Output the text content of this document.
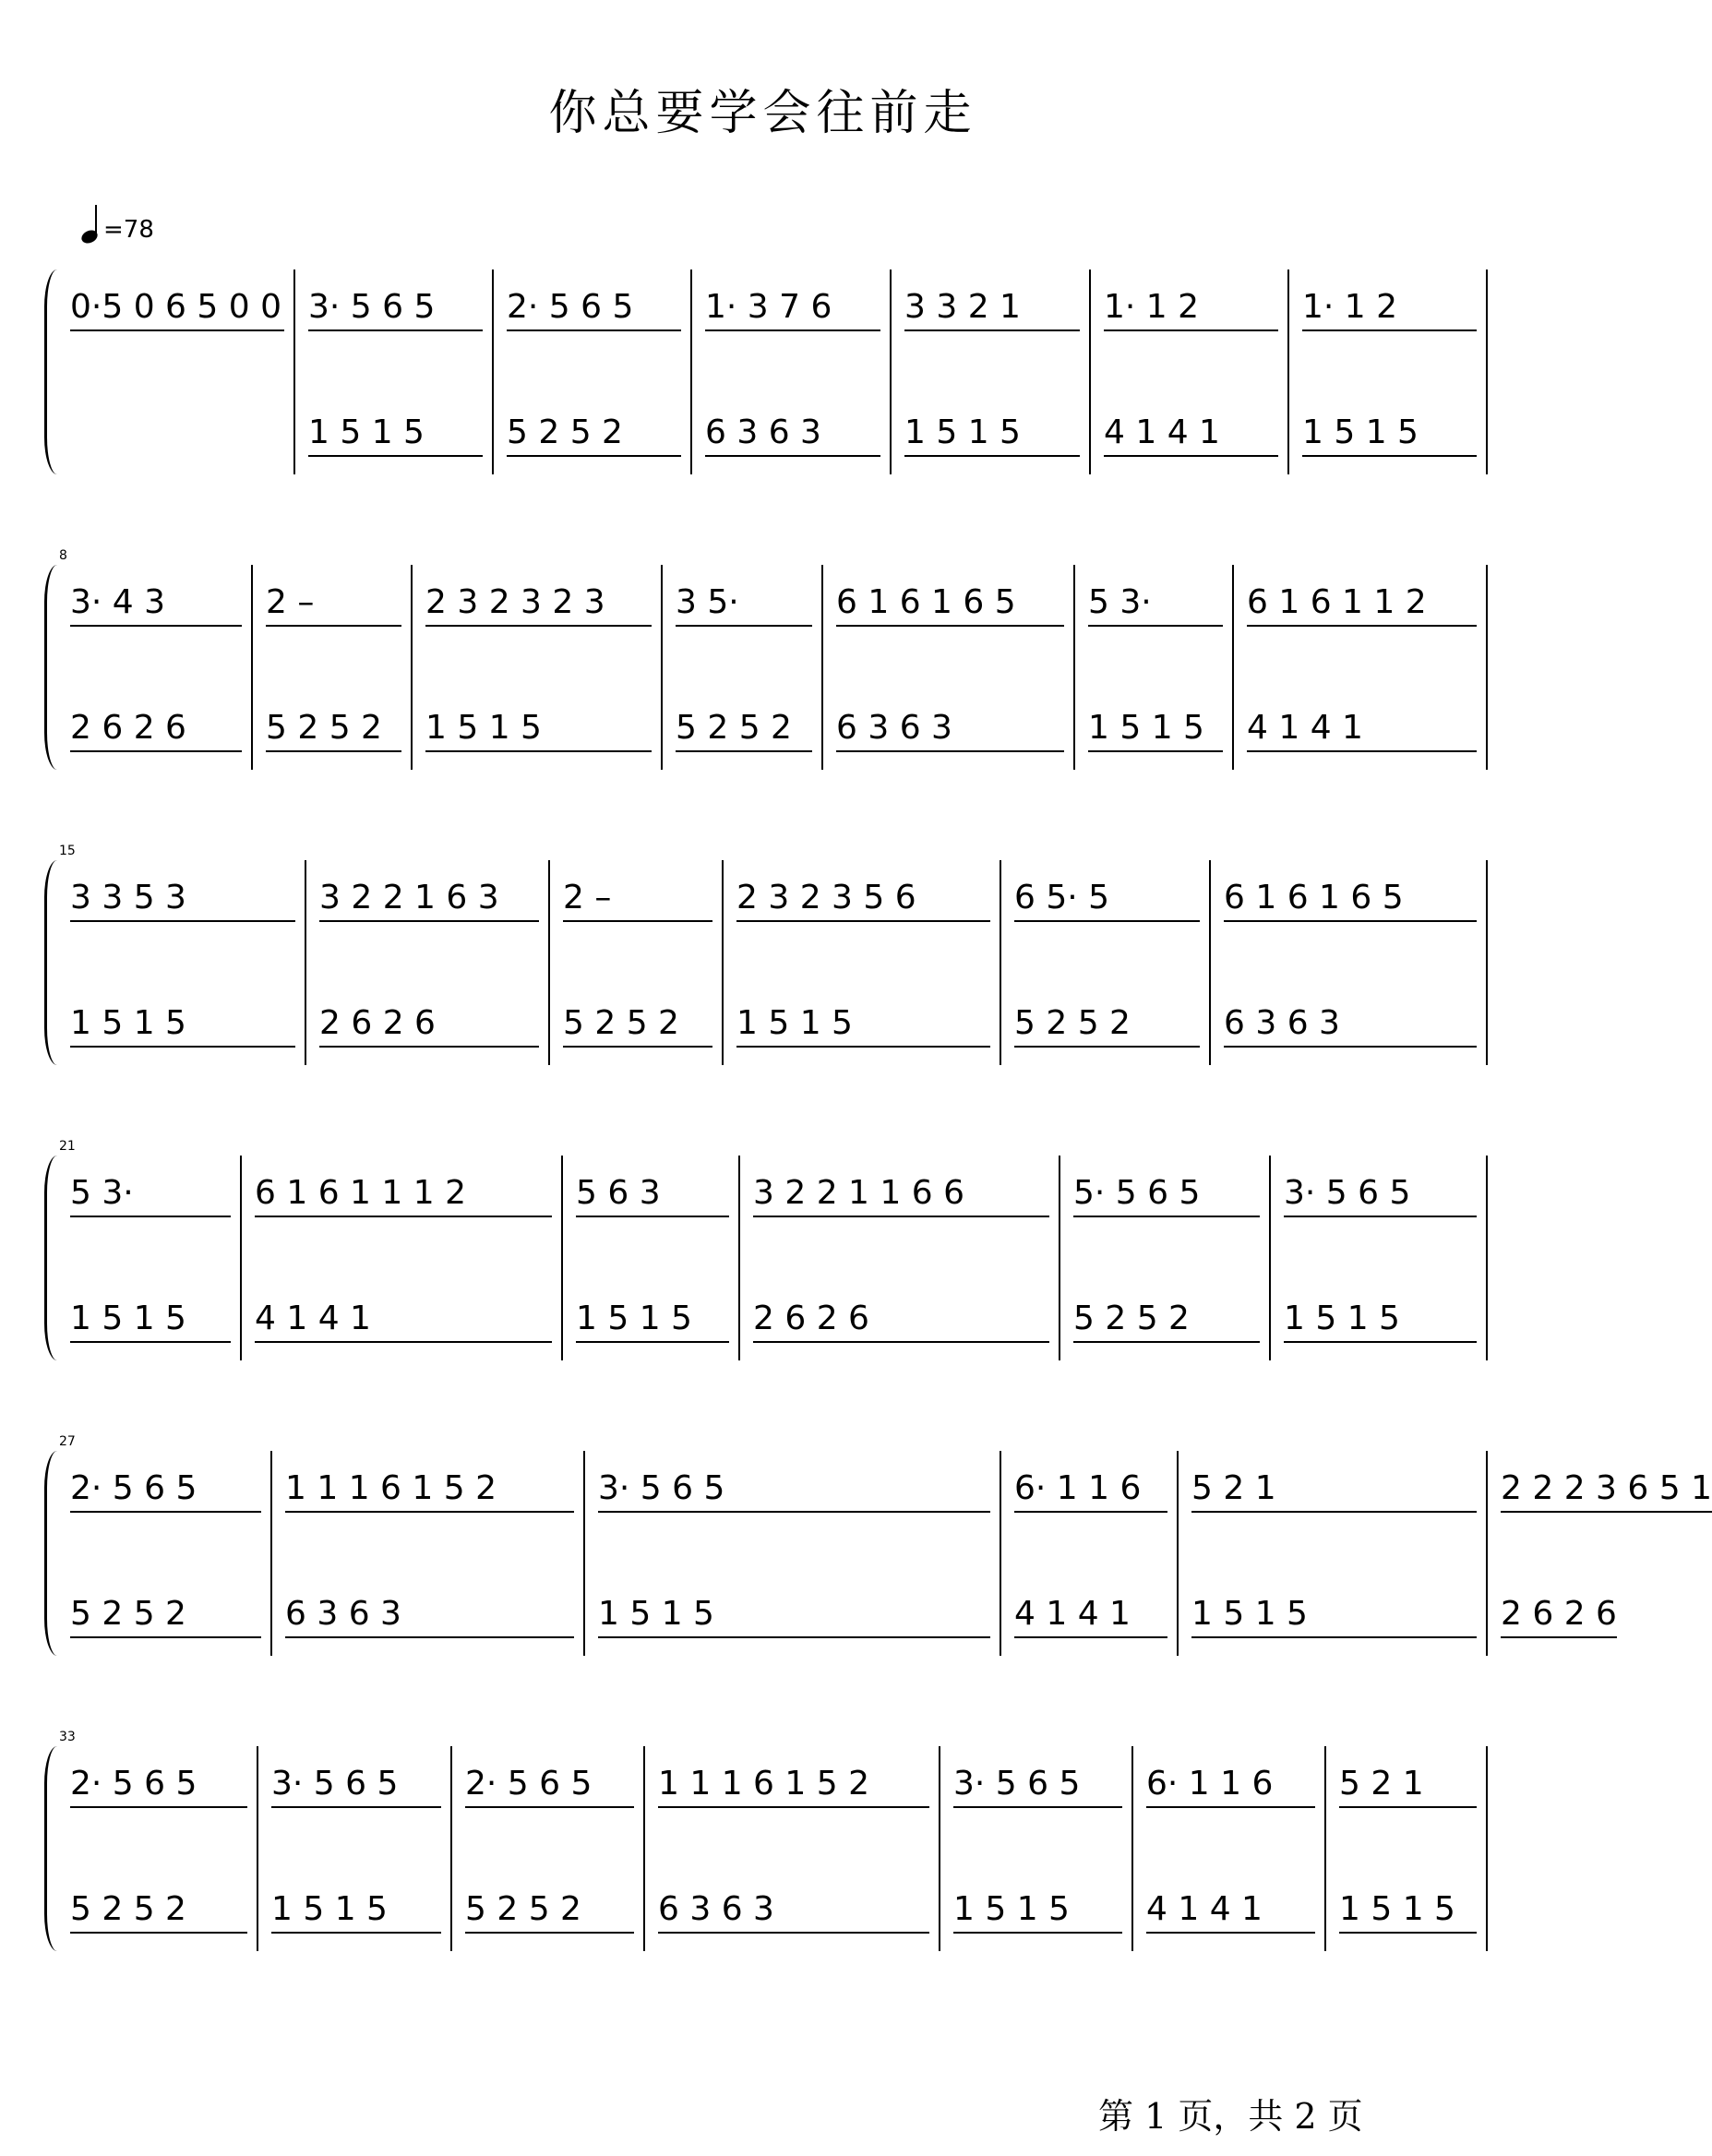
你总要学会往前走
=78
0·5 0 6 5 0 0 3· 5 6 5
1 5 1 5
2· 5 6 5
5 2 5 2
1· 3 7 6
6 3 6 3
3 3 2 1
1 5 1 5
1· 1 2
4 1 4 1
1· 1 2
1 5 1 5
8
3· 4 3
2 6 2 6
2 –
5 2 5 2
2 3 2 3 2 3
1 5 1 5
3 5·
5 2 5 2
6 1 6 1 6 5
6 3 6 3
5 3·
1 5 1 5
6 1 6 1 1 2
4 1 4 1
15
3 3 5 3
1 5 1 5
3 2 2 1 6 3
2 6 2 6
2 –
5 2 5 2
2 3 2 3 5 6
1 5 1 5
6 5· 5
5 2 5 2
6 1 6 1 6 5
6 3 6 3
21
5 3·
1 5 1 5
6 1 6 1 1 1 2
4 1 4 1
5 6 3
1 5 1 5
3 2 2 1 1 6 6
2 6 2 6
5· 5 6 5
5 2 5 2
3· 5 6 5
1 5 1 5
27
2· 5 6 5
5 2 5 2
1 1 1 6 1 5 2
6 3 6 3
3· 5 6 5
1 5 1 5
6· 1 1 6
4 1 4 1
5 2 1
1 5 1 5
2 2 2 3 6 5 1
2 6 2 6
33
2· 5 6 5
5 2 5 2
3· 5 6 5
1 5 1 5
2· 5 6 5
5 2 5 2
1 1 1 6 1 5 2
6 3 6 3
3· 5 6 5
1 5 1 5
6· 1 1 6
4 1 4 1
5 2 1
1 5 1 5
第 1 页，共 2 页
